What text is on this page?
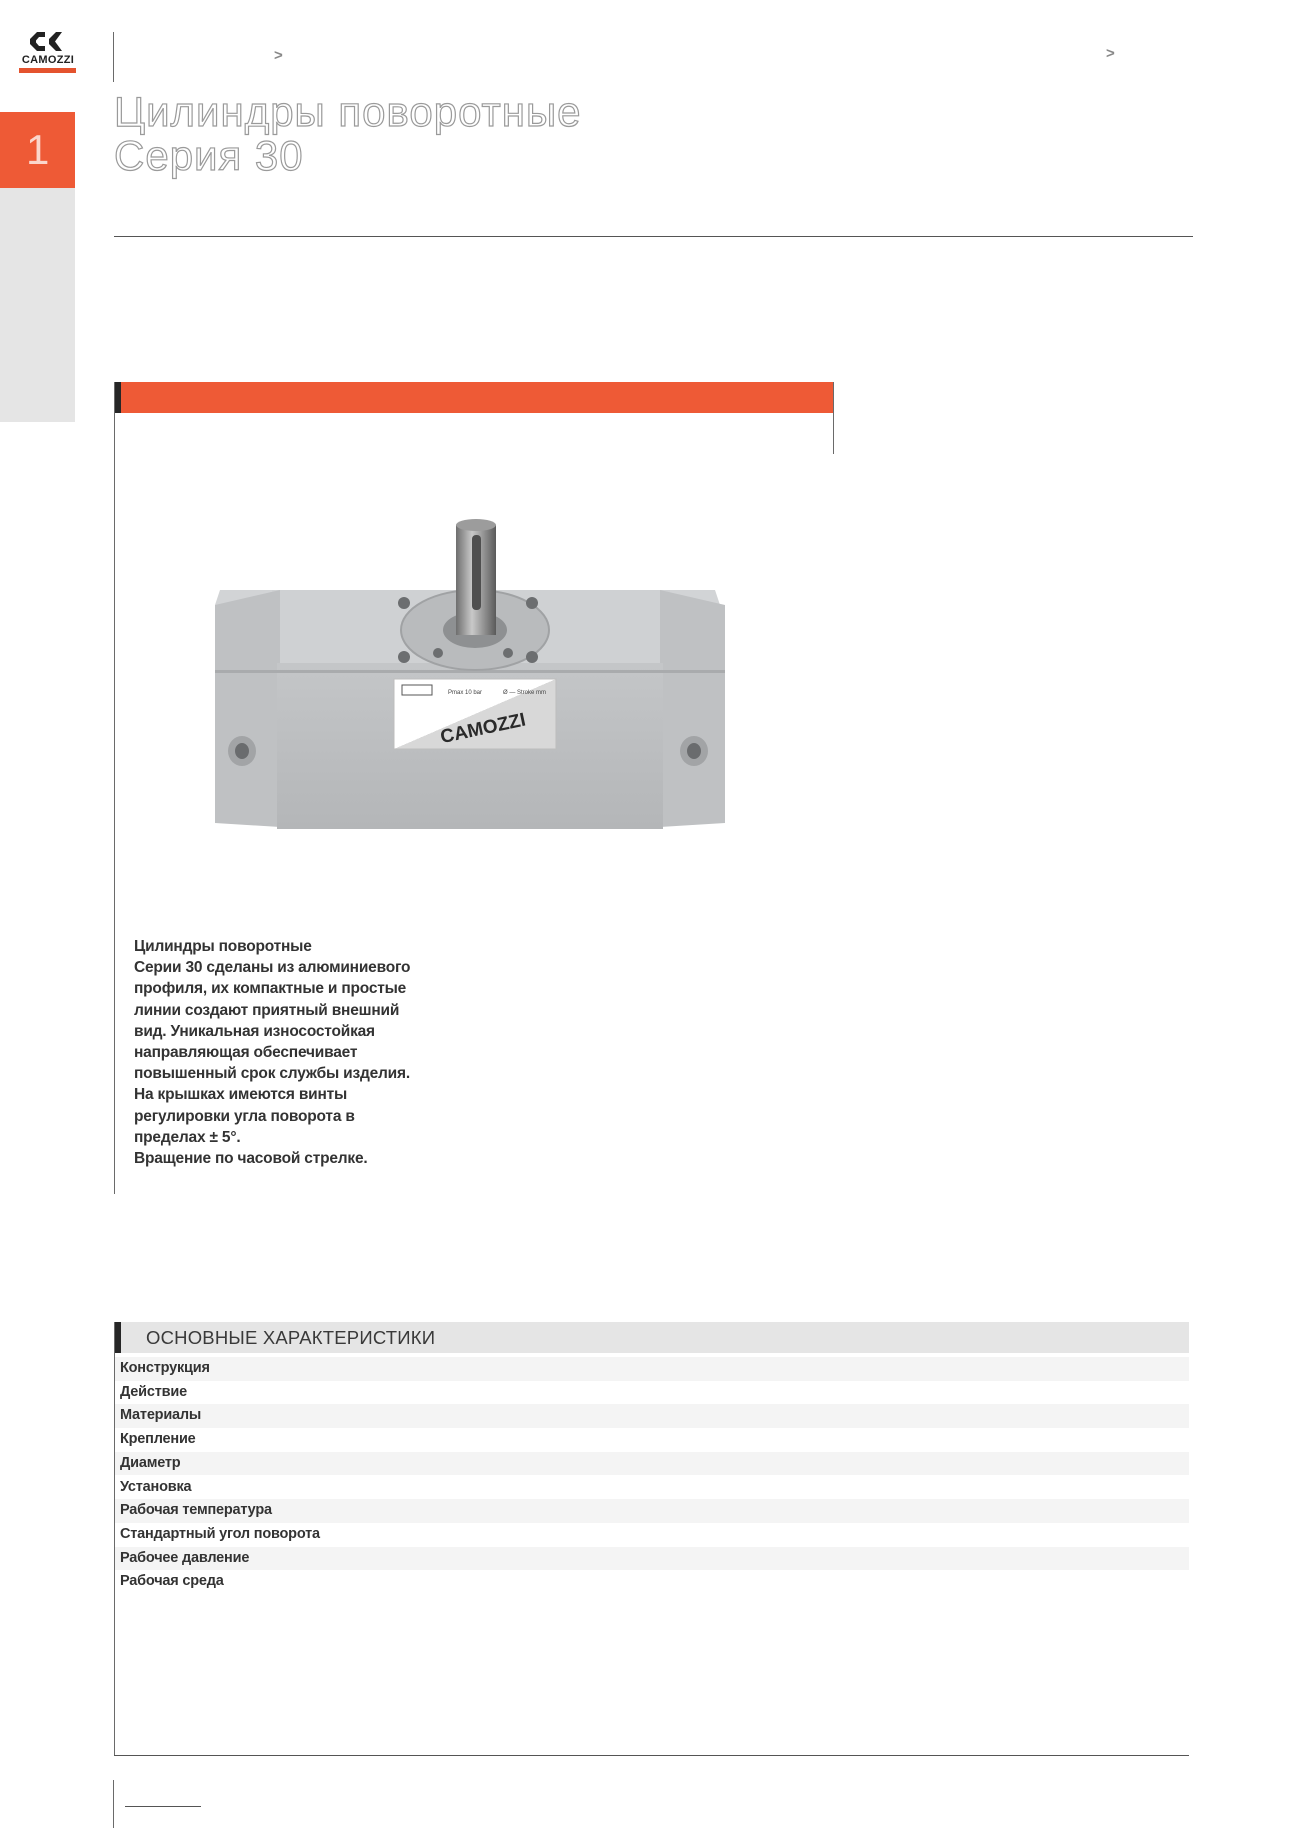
CAMOZZI
1
>	>
Цилиндры поворотные
Серия 30
Pmax 10 bar	Ø — Stroke mm
CAMOZZI
Цилиндры поворотные
Серии 30 сделаны из алюминиевого
профиля, их компактные и простые
линии создают приятный внешний
вид. Уникальная износостойкая
направляющая обеспечивает
повышенный срок службы изделия.
На крышках имеются винты
регулировки угла поворота в
пределах ± 5°.
Вращение по часовой стрелке.
ОСНОВНЫЕ ХАРАКТЕРИСТИКИ
Конструкция
Действие
Материалы
Крепление
Диаметр
Установка
Рабочая температура
Стандартный угол поворота
Рабочее давление
Рабочая среда
